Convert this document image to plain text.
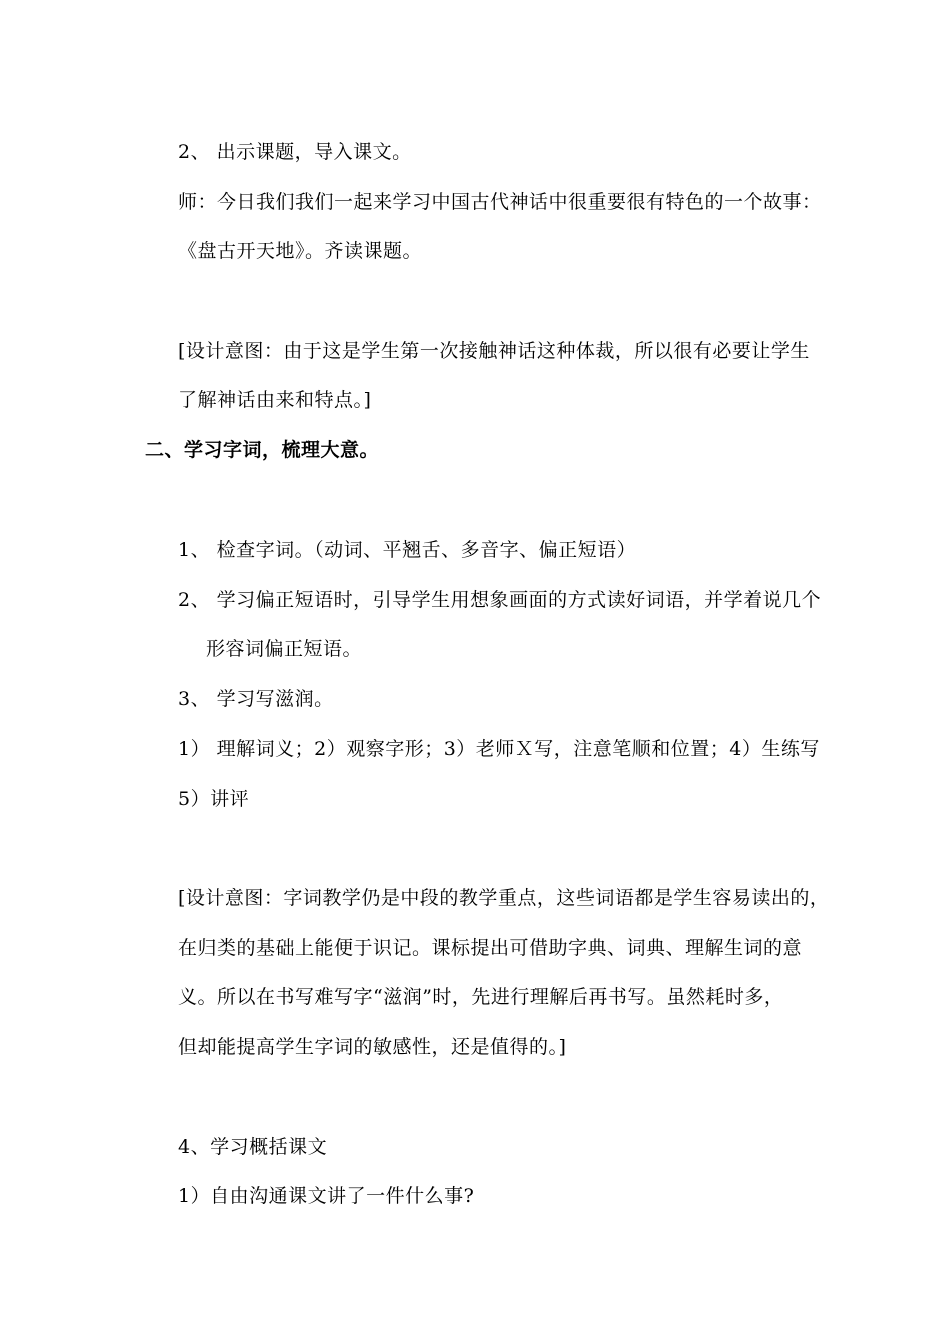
2、 出示课题，导入课文。
师：今日我们我们一起来学习中国古代神话中很重要很有特色的一个故事：
《盘古开天地》。齐读课题。
[设计意图：由于这是学生第一次接触神话这种体裁，所以很有必要让学生
了解神话由来和特点。]
二、学习字词，梳理大意。
1、 检查字词。（动词、平翘舌、多音字、偏正短语）
2、 学习偏正短语时，引导学生用想象画面的方式读好词语，并学着说几个
形容词偏正短语。
3、 学习写滋润。
1） 理解词义；2）观察字形；3）老师Ｘ写，注意笔顺和位置；4）生练写
5）讲评
[设计意图：字词教学仍是中段的教学重点，这些词语都是学生容易读出的，
在归类的基础上能便于识记。课标提出可借助字典、词典、理解生词的意
义。所以在书写难写字“滋润”时，先进行理解后再书写。虽然耗时多，
但却能提高学生字词的敏感性，还是值得的。]
4、学习概括课文
1）自由沟通课文讲了一件什么事?
